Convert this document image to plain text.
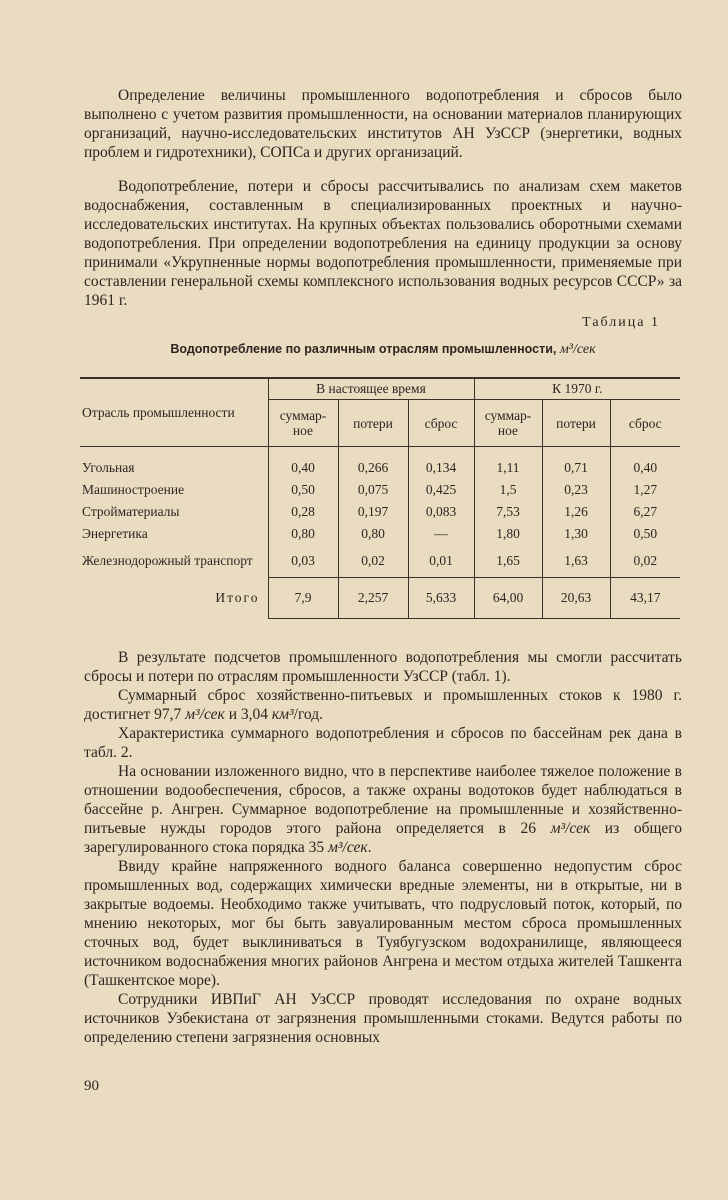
Определение величины промышленного водопотребления и сбросов было выполнено с учетом развития промышленности, на основании материалов планирующих организаций, научно-исследовательских институтов АН УзССР (энергетики, водных проблем и гидротехники), СОПСа и других организаций.

Водопотребление, потери и сбросы рассчитывались по анализам схем макетов водоснабжения, составленным в специализированных проектных и научно-исследовательских институтах. На крупных объектах пользовались оборотными схемами водопотребления. При определении водопотребления на единицу продукции за основу принимали «Укрупненные нормы водопотребления промышленности, применяемые при составлении генеральной схемы комплексного использования водных ресурсов СССР» за 1961 г.

Таблица 1
Водопотребление по различным отраслям промышленности, м³/сек
Отрасль промышленности	В настоящее время			К 1970 г.		
	суммар-ное	потери	сброс	суммар-ное	потери	сброс
Угольная	0,40	0,266	0,134	1,11	0,71	0,40
Машиностроение	0,50	0,075	0,425	1,5	0,23	1,27
Стройматериалы	0,28	0,197	0,083	7,53	1,26	6,27
Энергетика	0,80	0,80	—	1,80	1,30	0,50
Железнодорожный транспорт	0,03	0,02	0,01	1,65	1,63	0,02
Итого	7,9	2,257	5,633	64,00	20,63	43,17

В результате подсчетов промышленного водопотребления мы смогли рассчитать сбросы и потери по отраслям промышленности УзССР (табл. 1).

Суммарный сброс хозяйственно-питьевых и промышленных стоков к 1980 г. достигнет 97,7 м³/сек и 3,04 км³/год.

Характеристика суммарного водопотребления и сбросов по бассейнам рек дана в табл. 2.

На основании изложенного видно, что в перспективе наиболее тяжелое положение в отношении водообеспечения, сбросов, а также охраны водотоков будет наблюдаться в бассейне р. Ангрен. Суммарное водопотребление на промышленные и хозяйственно-питьевые нужды городов этого района определяется в 26 м³/сек из общего зарегулированного стока порядка 35 м³/сек.

Ввиду крайне напряженного водного баланса совершенно недопустим сброс промышленных вод, содержащих химически вредные элементы, ни в открытые, ни в закрытые водоемы. Необходимо также учитывать, что подрусловый поток, который, по мнению некоторых, мог бы быть завуалированным местом сброса промышленных сточных вод, будет выклиниваться в Туябугузском водохранилище, являющееся источником водоснабжения многих районов Ангрена и местом отдыха жителей Ташкента (Ташкентское море).

Сотрудники ИВПиГ АН УзССР проводят исследования по охране водных источников Узбекистана от загрязнения промышленными стоками. Ведутся работы по определению степени загрязнения основных

90
